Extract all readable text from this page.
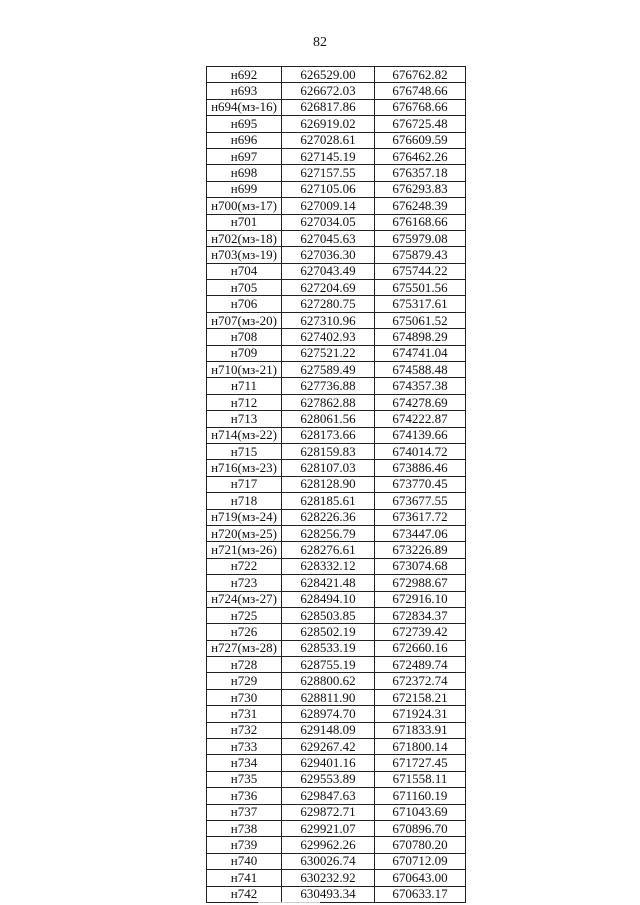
82
н692	626529.00	676762.82
н693	626672.03	676748.66
н694(мз-16)	626817.86	676768.66
н695	626919.02	676725.48
н696	627028.61	676609.59
н697	627145.19	676462.26
н698	627157.55	676357.18
н699	627105.06	676293.83
н700(мз-17)	627009.14	676248.39
н701	627034.05	676168.66
н702(мз-18)	627045.63	675979.08
н703(мз-19)	627036.30	675879.43
н704	627043.49	675744.22
н705	627204.69	675501.56
н706	627280.75	675317.61
н707(мз-20)	627310.96	675061.52
н708	627402.93	674898.29
н709	627521.22	674741.04
н710(мз-21)	627589.49	674588.48
н711	627736.88	674357.38
н712	627862.88	674278.69
н713	628061.56	674222.87
н714(мз-22)	628173.66	674139.66
н715	628159.83	674014.72
н716(мз-23)	628107.03	673886.46
н717	628128.90	673770.45
н718	628185.61	673677.55
н719(мз-24)	628226.36	673617.72
н720(мз-25)	628256.79	673447.06
н721(мз-26)	628276.61	673226.89
н722	628332.12	673074.68
н723	628421.48	672988.67
н724(мз-27)	628494.10	672916.10
н725	628503.85	672834.37
н726	628502.19	672739.42
н727(мз-28)	628533.19	672660.16
н728	628755.19	672489.74
н729	628800.62	672372.74
н730	628811.90	672158.21
н731	628974.70	671924.31
н732	629148.09	671833.91
н733	629267.42	671800.14
н734	629401.16	671727.45
н735	629553.89	671558.11
н736	629847.63	671160.19
н737	629872.71	671043.69
н738	629921.07	670896.70
н739	629962.26	670780.20
н740	630026.74	670712.09
н741	630232.92	670643.00
н742	630493.34	670633.17
